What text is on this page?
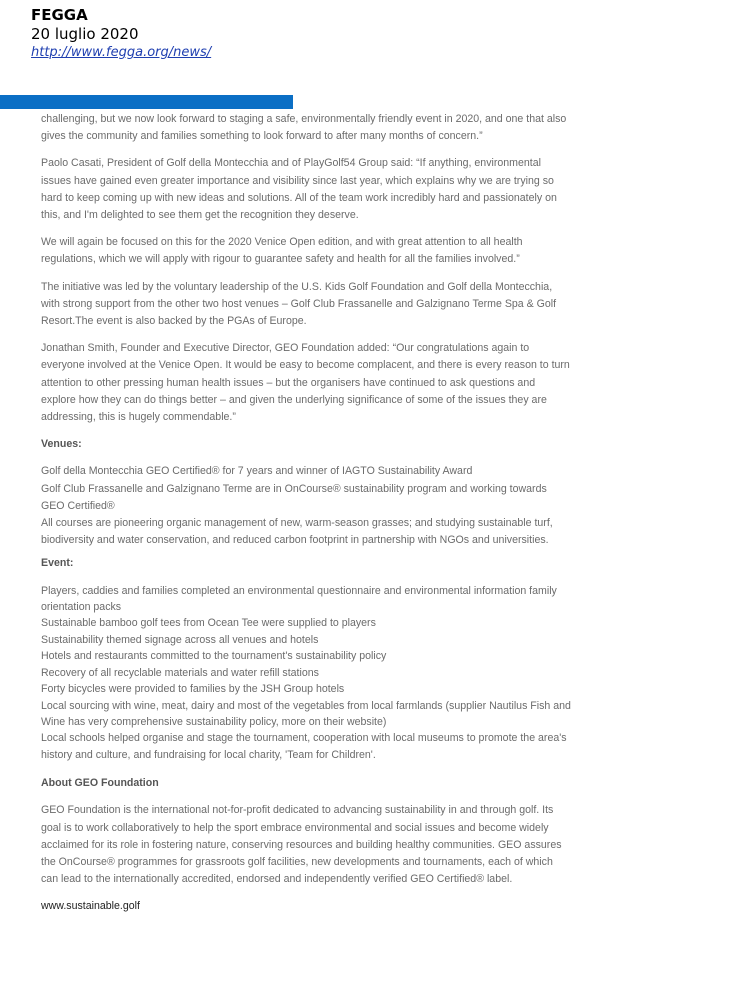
FEGGA
20 luglio 2020
http://www.fegga.org/news/

challenging, but we now look forward to staging a safe, environmentally friendly event in 2020, and one that also gives the community and families something to look forward to after many months of concern.”

Paolo Casati, President of Golf della Montecchia and of PlayGolf54 Group said: “If anything, environmental issues have gained even greater importance and visibility since last year, which explains why we are trying so hard to keep coming up with new ideas and solutions. All of the team work incredibly hard and passionately on this, and I'm delighted to see them get the recognition they deserve.

We will again be focused on this for the 2020 Venice Open edition, and with great attention to all health regulations, which we will apply with rigour to guarantee safety and health for all the families involved.”

The initiative was led by the voluntary leadership of the U.S. Kids Golf Foundation and Golf della Montecchia, with strong support from the other two host venues – Golf Club Frassanelle and Galzignano Terme Spa & Golf Resort.The event is also backed by the PGAs of Europe.

Jonathan Smith, Founder and Executive Director, GEO Foundation added: “Our congratulations again to everyone involved at the Venice Open. It would be easy to become complacent, and there is every reason to turn attention to other pressing human health issues – but the organisers have continued to ask questions and explore how they can do things better – and given the underlying significance of some of the issues they are addressing, this is hugely commendable.”

Venues:
Golf della Montecchia GEO Certified® for 7 years and winner of IAGTO Sustainability Award
Golf Club Frassanelle and Galzignano Terme are in OnCourse® sustainability program and working towards GEO Certified®
All courses are pioneering organic management of new, warm-season grasses; and studying sustainable turf, biodiversity and water conservation, and reduced carbon footprint in partnership with NGOs and universities.
Event:
Players, caddies and families completed an environmental questionnaire and environmental information family orientation packs
Sustainable bamboo golf tees from Ocean Tee were supplied to players
Sustainability themed signage across all venues and hotels
Hotels and restaurants committed to the tournament's sustainability policy
Recovery of all recyclable materials and water refill stations
Forty bicycles were provided to families by the JSH Group hotels
Local sourcing with wine, meat, dairy and most of the vegetables from local farmlands (supplier Nautilus Fish and Wine has very comprehensive sustainability policy, more on their website)
Local schools helped organise and stage the tournament, cooperation with local museums to promote the area's history and culture, and fundraising for local charity, 'Team for Children'.
About GEO Foundation

GEO Foundation is the international not-for-profit dedicated to advancing sustainability in and through golf. Its goal is to work collaboratively to help the sport embrace environmental and social issues and become widely acclaimed for its role in fostering nature, conserving resources and building healthy communities. GEO assures the OnCourse® programmes for grassroots golf facilities, new developments and tournaments, each of which can lead to the internationally accredited, endorsed and independently verified GEO Certified® label.

www.sustainable.golf
